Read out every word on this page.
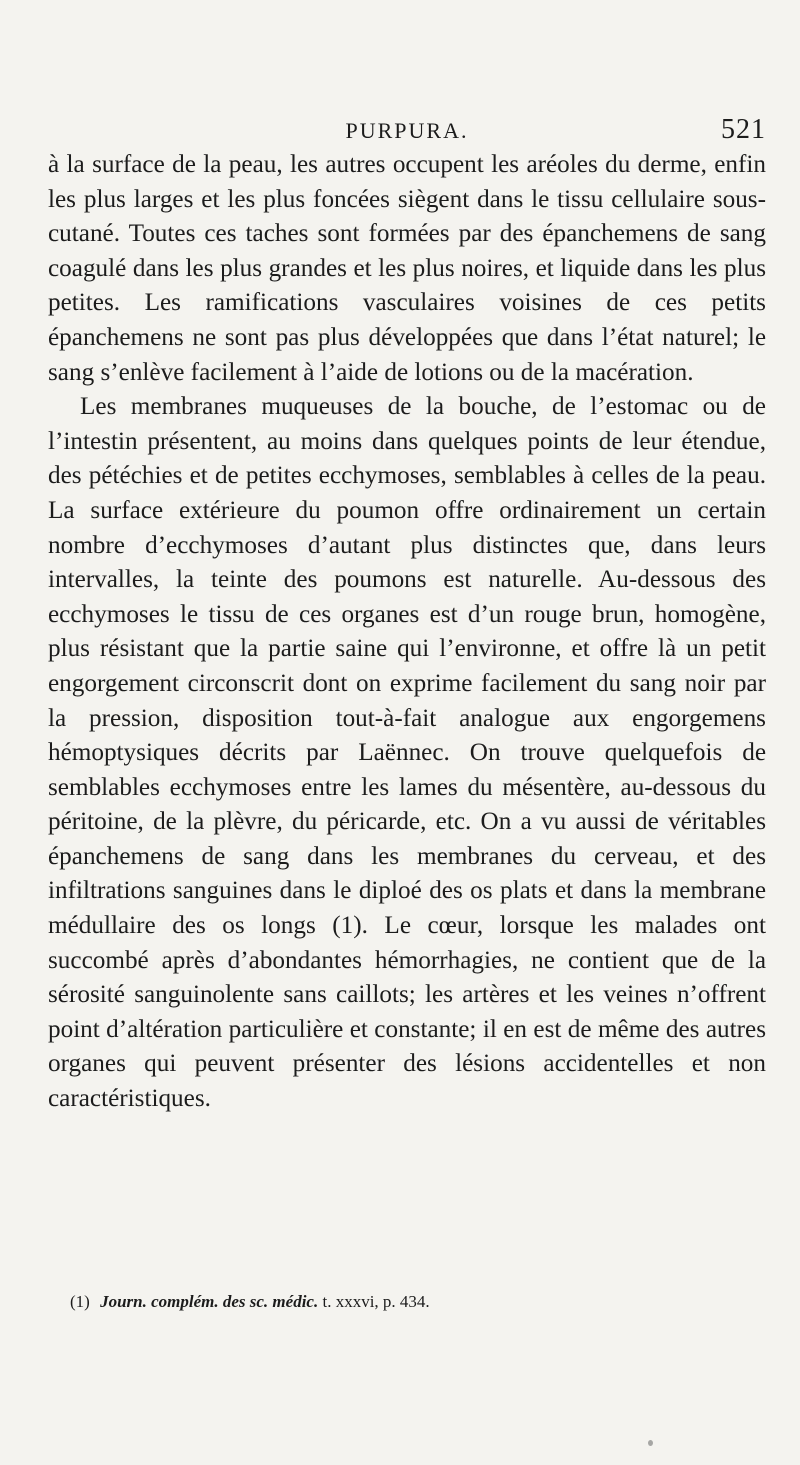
PURPURA.	521

à la surface de la peau, les autres occupent les aréoles du derme, enfin les plus larges et les plus foncées siègent dans le tissu cellulaire sous-cutané. Toutes ces taches sont formées par des épanchemens de sang coagulé dans les plus grandes et les plus noires, et liquide dans les plus petites. Les ramifications vasculaires voisines de ces petits épanchemens ne sont pas plus développées que dans l’état naturel; le sang s’enlève facilement à l’aide de lotions ou de la macération.

Les membranes muqueuses de la bouche, de l’estomac ou de l’intestin présentent, au moins dans quelques points de leur étendue, des pétéchies et de petites ecchymoses, semblables à celles de la peau. La surface extérieure du poumon offre ordinairement un certain nombre d’ecchymoses d’autant plus distinctes que, dans leurs intervalles, la teinte des poumons est naturelle. Au-dessous des ecchymoses le tissu de ces organes est d’un rouge brun, homogène, plus résistant que la partie saine qui l’environne, et offre là un petit engorgement circonscrit dont on exprime facilement du sang noir par la pression, disposition tout-à-fait analogue aux engorgemens hémoptysiques décrits par Laënnec. On trouve quelquefois de semblables ecchymoses entre les lames du mésentère, au-dessous du péritoine, de la plèvre, du péricarde, etc. On a vu aussi de véritables épanchemens de sang dans les membranes du cerveau, et des infiltrations sanguines dans le diploé des os plats et dans la membrane médullaire des os longs (1). Le cœur, lorsque les malades ont succombé après d’abondantes hémorrhagies, ne contient que de la sérosité sanguinolente sans caillots; les artères et les veines n’offrent point d’altération particulière et constante; il en est de même des autres organes qui peuvent présenter des lésions accidentelles et non caractéristiques.

(1) Journ. complém. des sc. médic. t. xxxvi, p. 434.
